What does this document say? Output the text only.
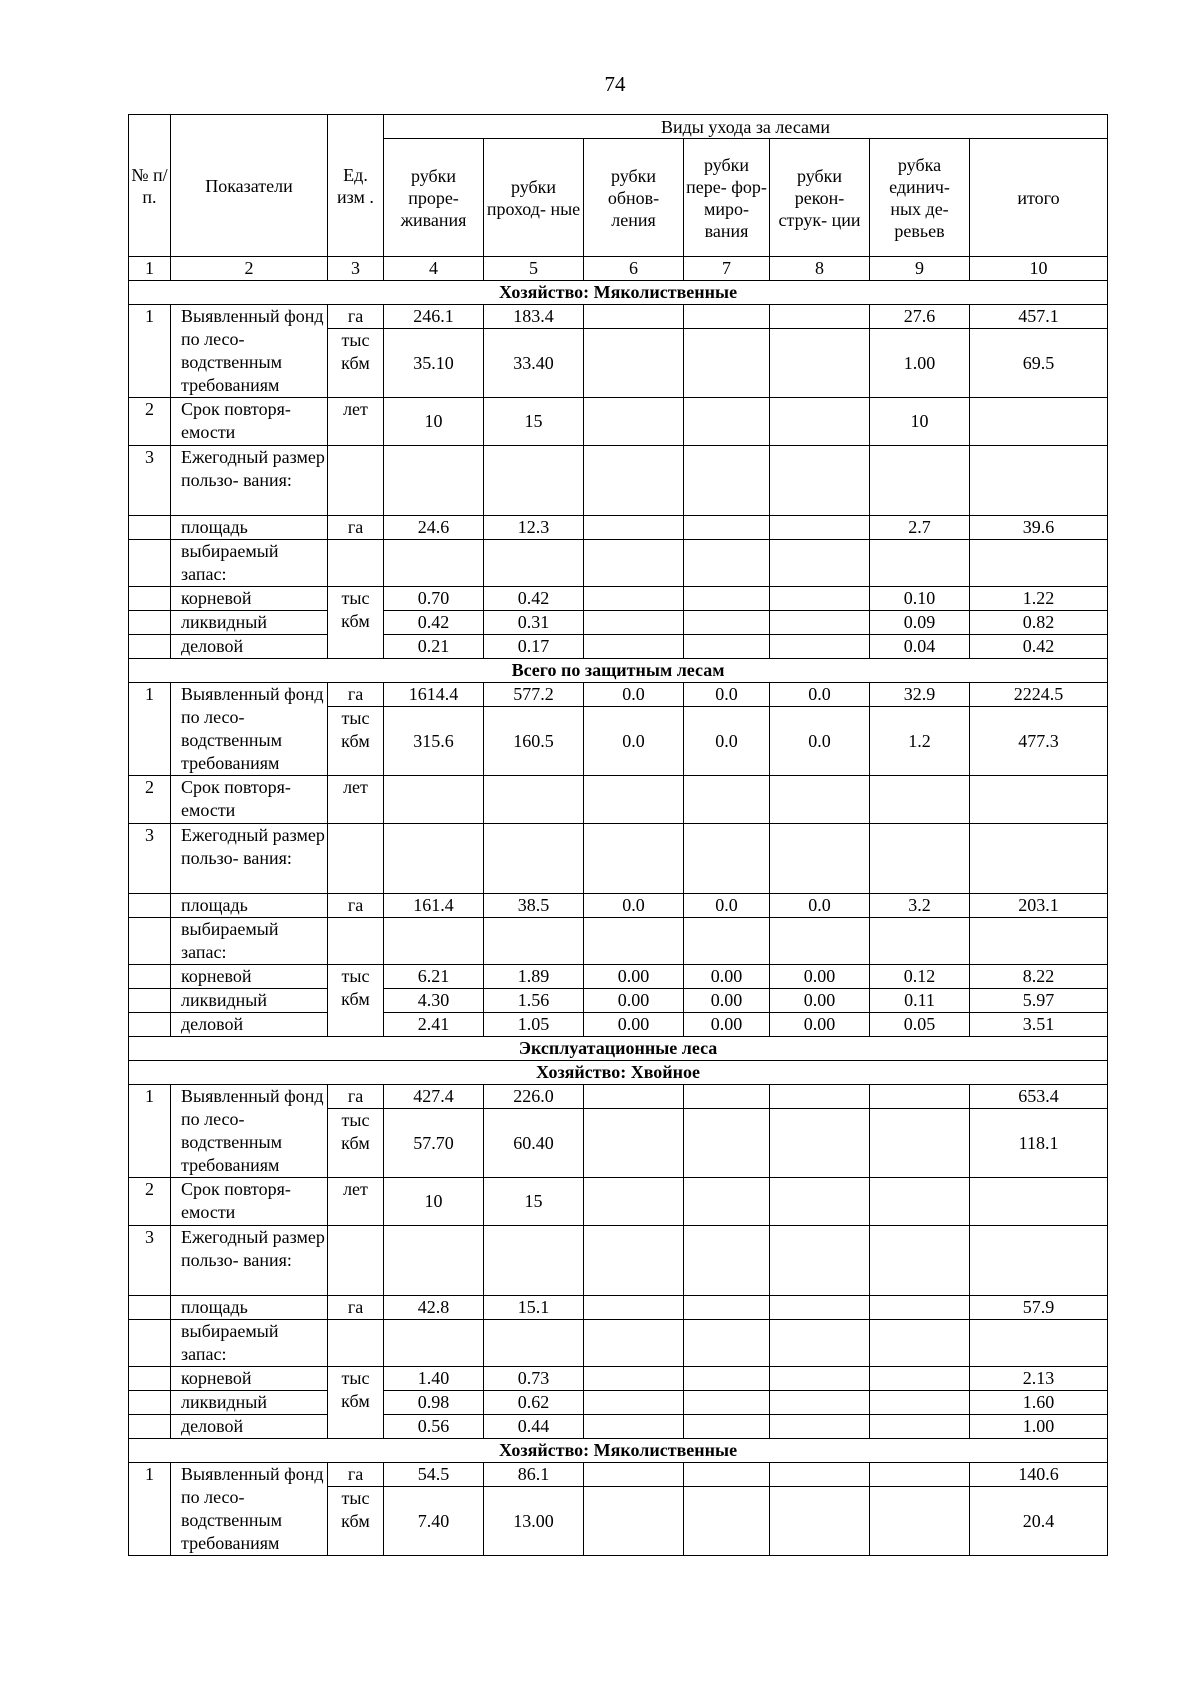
74
№ п/п.	Показатели	Ед. изм .	Виды ухода за лесами						
			рубки проре- живания	рубки проход- ные	рубки обнов- ления	рубки пере- фор- миро- вания	рубки рекон- струк- ции	рубка единич- ных де- ревьев	итого
1	2	3	4	5	6	7	8	9	10
Хозяйство: Мяколиственные									
1	Выявленный фонд по лесо- водственным требованиям	га	246.1	183.4				27.6	457.1
		тыс кбм	35.10	33.40				1.00	69.5
2	Срок повторя- емости	лет	10	15				10	
3	Ежегодный размер пользо- вания:								
	площадь	га	24.6	12.3				2.7	39.6
	выбираемый запас:								
	корневой	тыс кбм	0.70	0.42				0.10	1.22
	ликвидный		0.42	0.31				0.09	0.82
	деловой		0.21	0.17				0.04	0.42
Всего по защитным лесам									
1	Выявленный фонд по лесо- водственным требованиям	га	1614.4	577.2	0.0	0.0	0.0	32.9	2224.5
		тыс кбм	315.6	160.5	0.0	0.0	0.0	1.2	477.3
2	Срок повторя- емости	лет							
3	Ежегодный размер пользо- вания:								
	площадь	га	161.4	38.5	0.0	0.0	0.0	3.2	203.1
	выбираемый запас:								
	корневой	тыс кбм	6.21	1.89	0.00	0.00	0.00	0.12	8.22
	ликвидный		4.30	1.56	0.00	0.00	0.00	0.11	5.97
	деловой		2.41	1.05	0.00	0.00	0.00	0.05	3.51
Эксплуатационные леса									
Хозяйство: Хвойное									
1	Выявленный фонд по лесо- водственным требованиям	га	427.4	226.0					653.4
		тыс кбм	57.70	60.40					118.1
2	Срок повторя- емости	лет	10	15					
3	Ежегодный размер пользо- вания:								
	площадь	га	42.8	15.1					57.9
	выбираемый запас:								
	корневой	тыс кбм	1.40	0.73					2.13
	ликвидный		0.98	0.62					1.60
	деловой		0.56	0.44					1.00
Хозяйство: Мяколиственные									
1	Выявленный фонд по лесо- водственным требованиям	га	54.5	86.1					140.6
		тыс кбм	7.40	13.00					20.4
